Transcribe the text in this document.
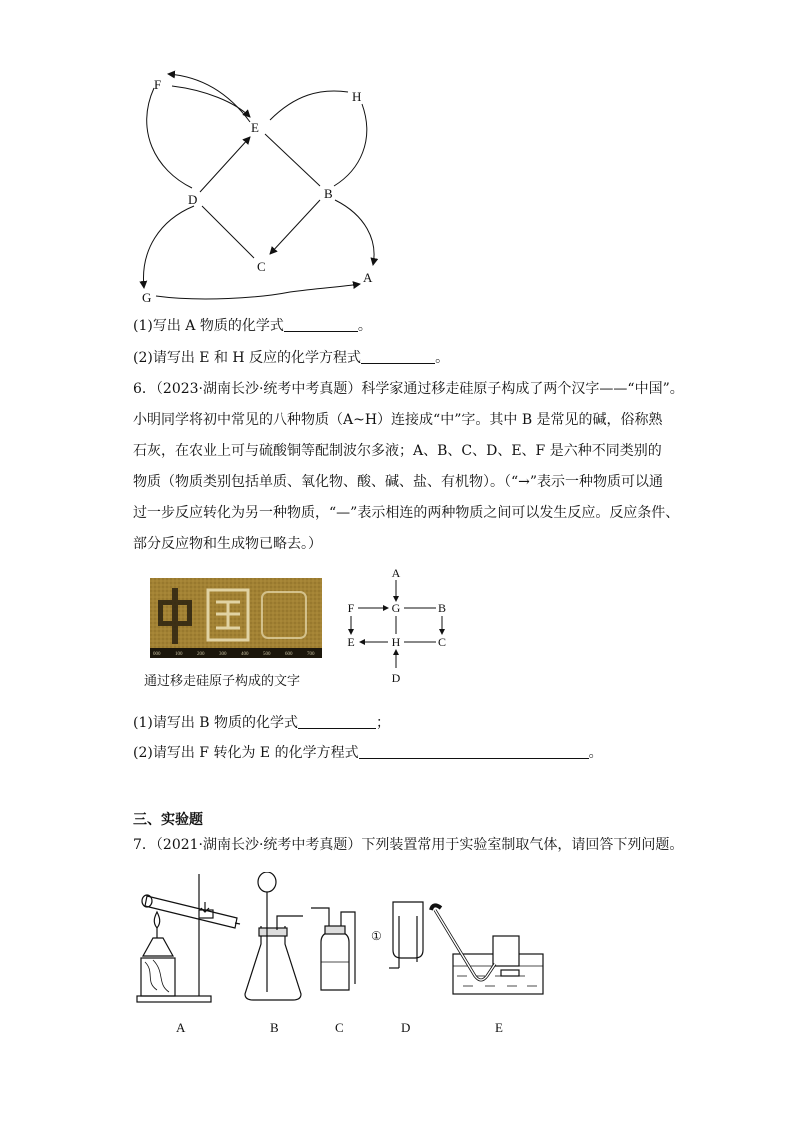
F
H
E
D	B
C
G
A
(1)写出 A 物质的化学式	。
(2)请写出 E 和 H 反应的化学方程式	。
6．（2023·湖南长沙·统考中考真题）科学家通过移走硅原子构成了两个汉字——“中国”。
小明同学将初中常见的八种物质（A~H）连接成“中”字。其中 B 是常见的碱，俗称熟
石灰，在农业上可与硫酸铜等配制波尔多液；A、B、C、D、E、F 是六种不同类别的
物质（物质类别包括单质、氧化物、酸、碱、盐、有机物）。（“→”表示一种物质可以通
过一步反应转化为另一种物质，“—”表示相连的两种物质之间可以发生反应。反应条件、
部分反应物和生成物已略去。）
000	100	200	300	400	500	600	700
通过移走硅原子构成的文字
A
F	G	B
E	H	C
D
(1)请写出 B 物质的化学式	；
(2)请写出 F 转化为 E 的化学方程式	。
三、实验题
7．（2021·湖南长沙·统考中考真题）下列装置常用于实验室制取气体，请回答下列问题。
①
A	B	C	D	E
